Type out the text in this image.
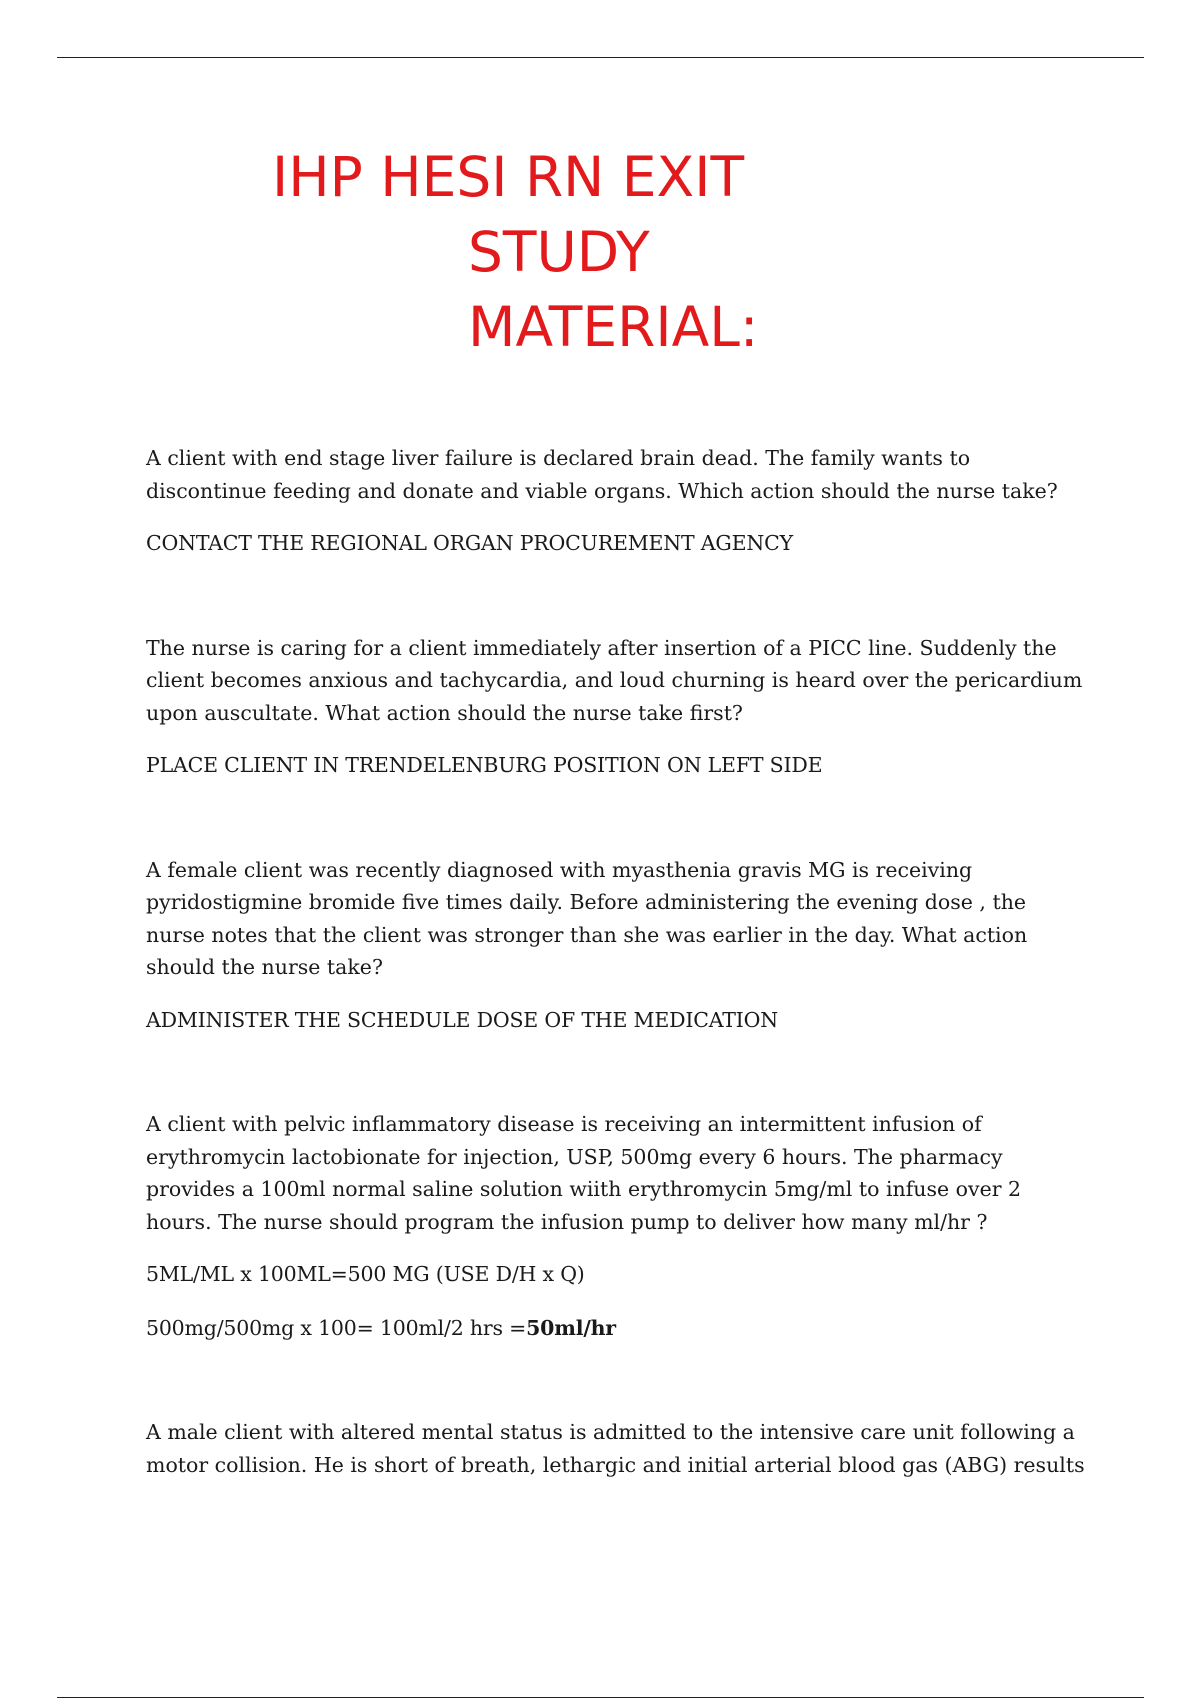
IHP HESI RN EXIT
STUDY
MATERIAL:

A client with end stage liver failure is declared brain dead. The family wants to discontinue feeding and donate and viable organs. Which action should the nurse take?

CONTACT THE REGIONAL ORGAN PROCUREMENT AGENCY

The nurse is caring for a client immediately after insertion of a PICC line. Suddenly the client becomes anxious and tachycardia, and loud churning is heard over the pericardium upon auscultate. What action should the nurse take first?

PLACE CLIENT IN TRENDELENBURG POSITION ON LEFT SIDE

A female client was recently diagnosed with myasthenia gravis MG is receiving pyridostigmine bromide five times daily. Before administering the evening dose , the nurse notes that the client was stronger than she was earlier in the day. What action should the nurse take?

ADMINISTER THE SCHEDULE DOSE OF THE MEDICATION

A client with pelvic inflammatory disease is receiving an intermittent infusion of erythromycin lactobionate for injection, USP, 500mg every 6 hours. The pharmacy provides a 100ml normal saline solution wiith erythromycin 5mg/ml to infuse over 2 hours. The nurse should program the infusion pump to deliver how many ml/hr ?

5ML/ML x 100ML=500 MG (USE D/H x Q)

500mg/500mg x 100= 100ml/2 hrs =50ml/hr

A male client with altered mental status is admitted to the intensive care unit following a motor collision. He is short of breath, lethargic and initial arterial blood gas (ABG) results
